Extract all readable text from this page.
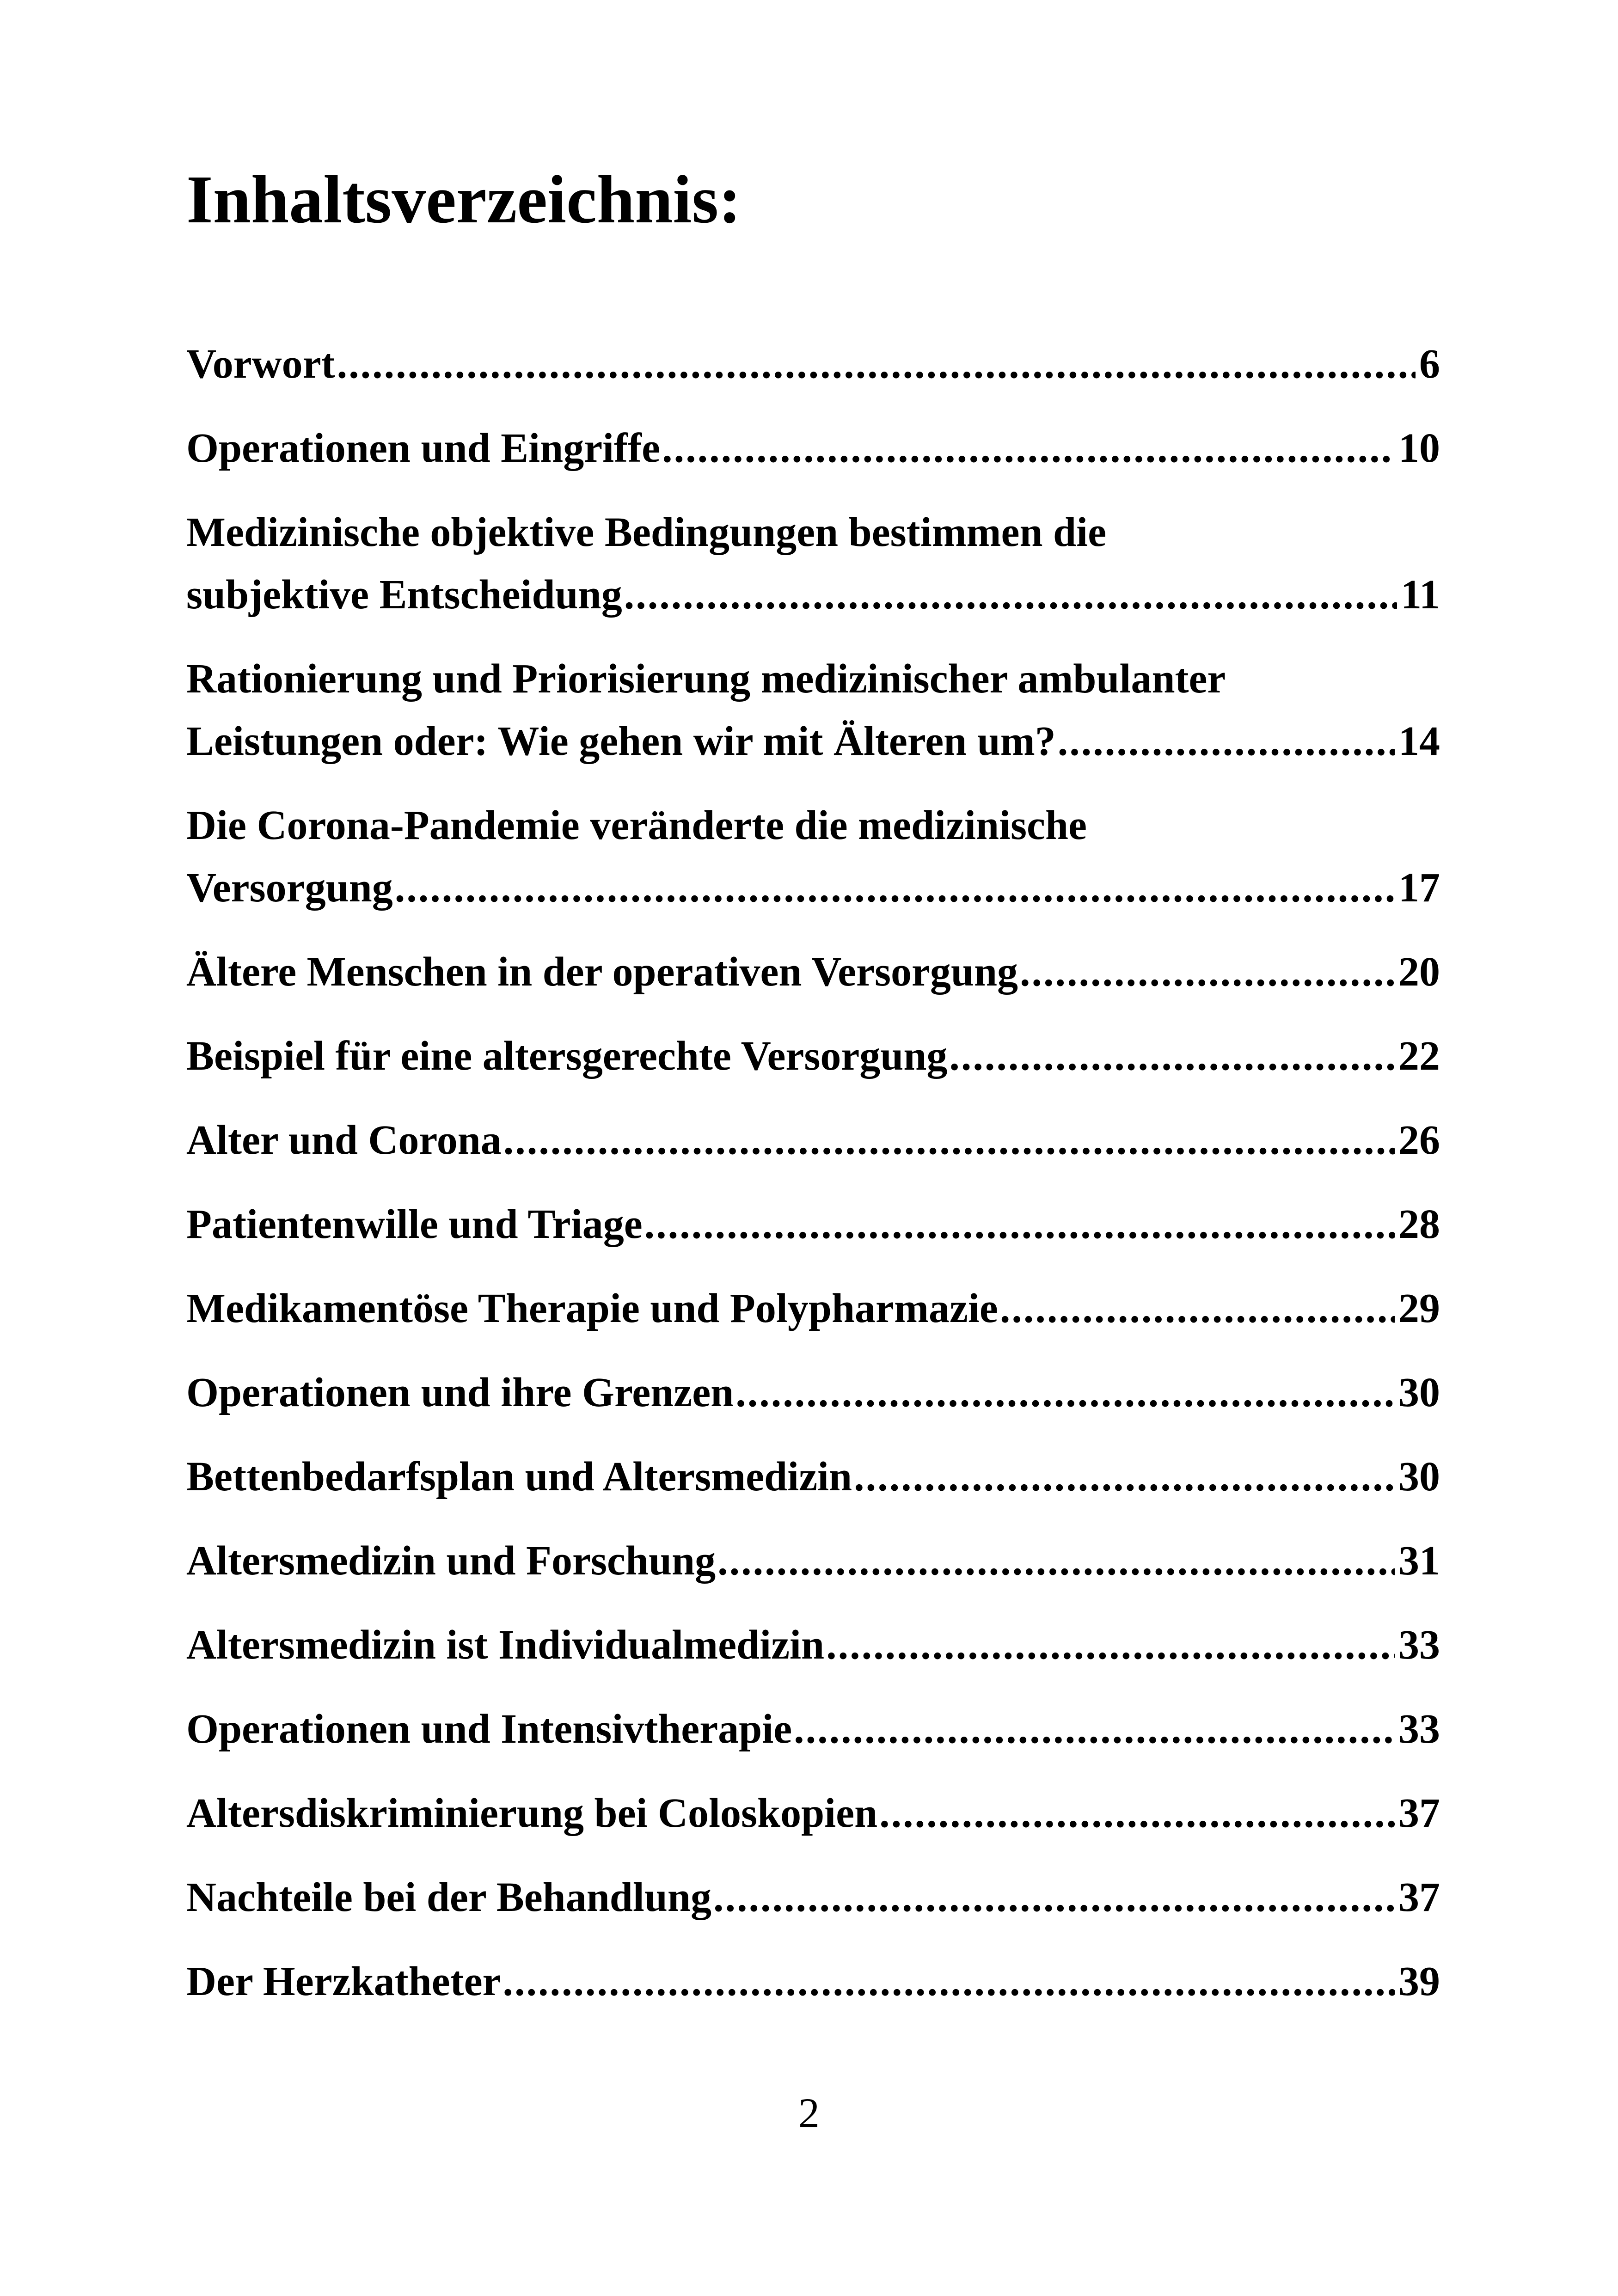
Inhaltsverzeichnis:
Vorwort .....	6
Operationen und Eingriffe .....	10
Medizinische objektive Bedingungen bestimmen die
subjektive Entscheidung .....	11
Rationierung und Priorisierung medizinischer ambulanter
Leistungen oder: Wie gehen wir mit Älteren um? .....	14
Die Corona-Pandemie veränderte die medizinische
Versorgung .....	17
Ältere Menschen in der operativen Versorgung .....	20
Beispiel für eine altersgerechte Versorgung .....	22
Alter und Corona .....	26
Patientenwille und Triage .....	28
Medikamentöse Therapie und Polypharmazie .....	29
Operationen und ihre Grenzen .....	30
Bettenbedarfsplan und Altersmedizin .....	30
Altersmedizin und Forschung .....	31
Altersmedizin ist Individualmedizin .....	33
Operationen und Intensivtherapie .....	33
Altersdiskriminierung bei Coloskopien .....	37
Nachteile bei der Behandlung .....	37
Der Herzkatheter .....	39
2
